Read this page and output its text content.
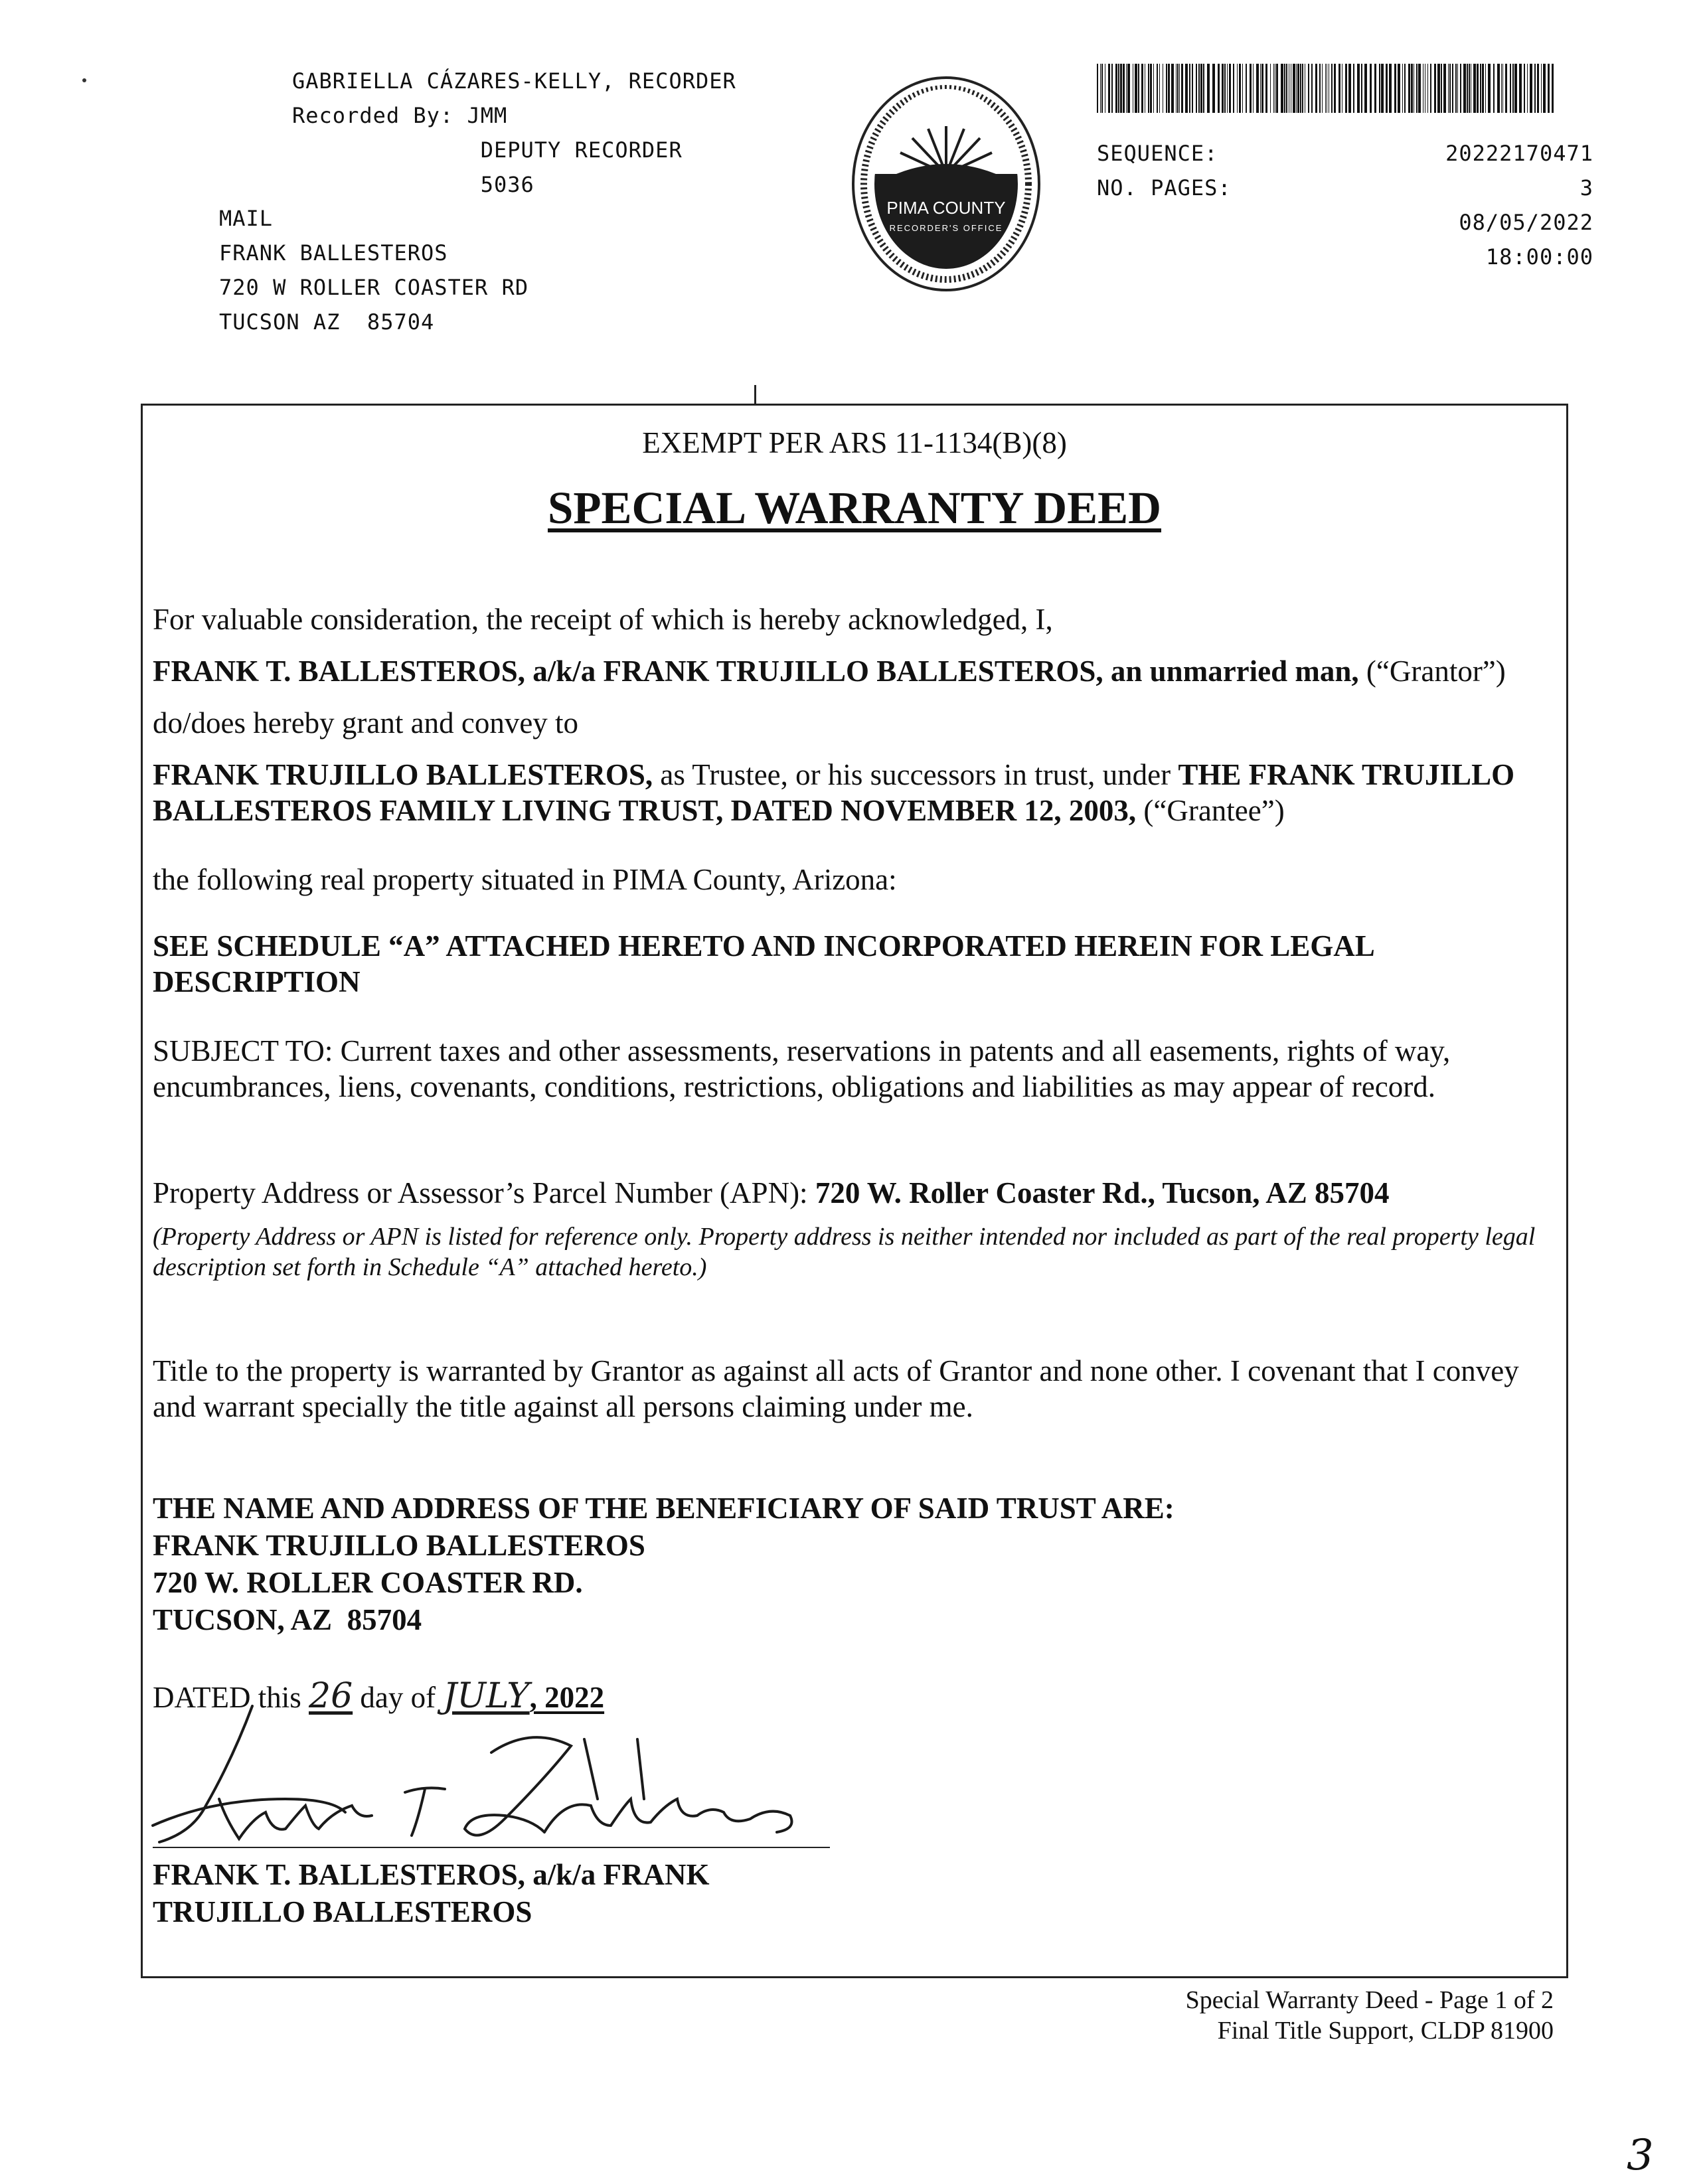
GABRIELLA CÁZARES-KELLY, RECORDER
Recorded By: JMM
DEPUTY RECORDER
5036
MAIL
FRANK BALLESTEROS
720 W ROLLER COASTER RD
TUCSON AZ  85704
PIMA COUNTY
RECORDER'S OFFICE
SEQUENCE:
NO. PAGES:
20222170471
3
08/05/2022
18:00:00
EXEMPT PER ARS 11-1134(B)(8)
SPECIAL WARRANTY DEED
For valuable consideration, the receipt of which is hereby acknowledged, I,
FRANK T. BALLESTEROS, a/k/a FRANK TRUJILLO BALLESTEROS, an unmarried man, (“Grantor”)
do/does hereby grant and convey to
FRANK TRUJILLO BALLESTEROS, as Trustee, or his successors in trust, under THE FRANK TRUJILLO BALLESTEROS FAMILY LIVING TRUST, DATED NOVEMBER 12, 2003, (“Grantee”)
the following real property situated in PIMA County, Arizona:
SEE SCHEDULE “A” ATTACHED HERETO AND INCORPORATED HEREIN FOR LEGAL DESCRIPTION
SUBJECT TO: Current taxes and other assessments, reservations in patents and all easements, rights of way, encumbrances, liens, covenants, conditions, restrictions, obligations and liabilities as may appear of record.
Property Address or Assessor’s Parcel Number (APN): 720 W. Roller Coaster Rd., Tucson, AZ 85704
(Property Address or APN is listed for reference only. Property address is neither intended nor included as part of the real property legal description set forth in Schedule “A” attached hereto.)
Title to the property is warranted by Grantor as against all acts of Grantor and none other. I covenant that I convey and warrant specially the title against all persons claiming under me.
THE NAME AND ADDRESS OF THE BENEFICIARY OF SAID TRUST ARE:
FRANK TRUJILLO BALLESTEROS
720 W. ROLLER COASTER RD.
TUCSON, AZ  85704
DATED this 26 day of JULY, 2022
FRANK T. BALLESTEROS, a/k/a FRANK
TRUJILLO BALLESTEROS
Special Warranty Deed - Page 1 of 2
Final Title Support, CLDP 81900
3
